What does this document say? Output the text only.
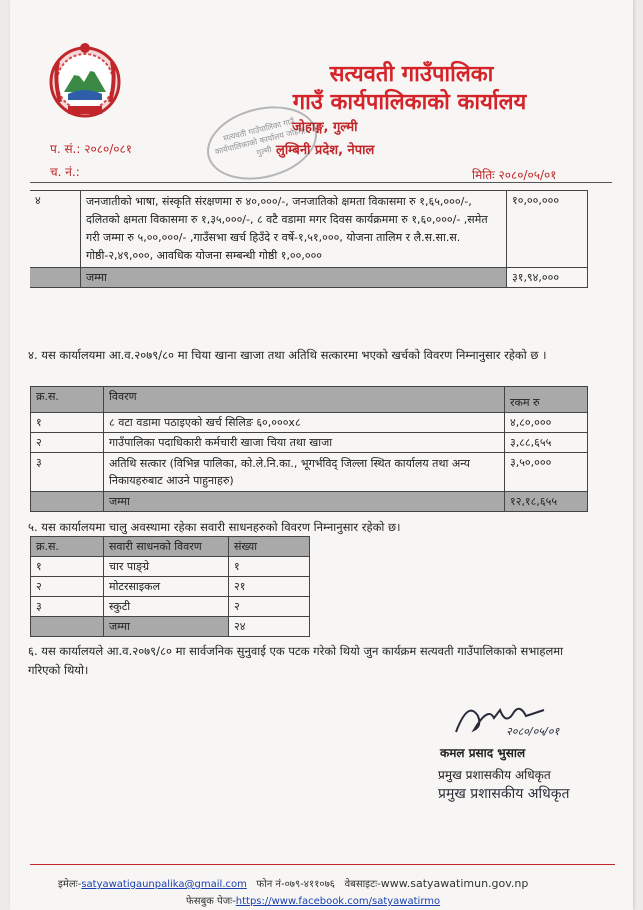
सत्यवती गाउँपालिका
गाउँ कार्यपालिकाको कार्यालय
जोहाङ्ग, गुल्मी
लुम्बिनी प्रदेश, नेपाल
सत्यवती गाउँपालिका गाउँ कार्यपालिकाको कार्यालय जोहाङ्ग, गुल्मी
प. सं.: २०८०/०८१
च. नं.:	मितिः २०८०/०५/०१
४	जनजातीको भाषा, संस्कृति संरक्षणमा रु ४०,०००/-, जनजातिको क्षमता विकासमा रु १,६५,०००/-, दलितको क्षमता विकासमा रु १,३५,०००/-, ८ वटै वडामा मगर दिवस कार्यक्रममा रु १,६०,०००/- ,समेत गरी जम्मा रु ५,००,०००/- ,गाउँसभा खर्च हिउँदे र वर्षे-१,५१,०००, योजना तालिम र लै.स.सा.स. गोष्ठी-२,४९,०००, आवधिक योजना सम्बन्धी गोष्ठी १,००,०००	१०,००,०००
	जम्मा	३१,९४,०००
४. यस कार्यालयमा आ.व.२०७९/८० मा चिया खाना खाजा तथा अतिथि सत्कारमा भएको खर्चको विवरण निम्नानुसार रहेको छ ।
क्र.स.	विवरण	रकम रु
१	८ वटा वडामा पठाइएको खर्च सिलिङ ६०,०००x८	४,८०,०००
२	गाउँपालिका पदाधिकारी कर्मचारी खाजा चिया तथा खाजा	३,८८,६५५
३	अतिथि सत्कार (विभिन्न पालिका, को.ले.नि.का., भूगर्भविद् जिल्ला स्थित कार्यालय तथा अन्य निकायहरुबाट आउने पाहुनाहरु)	३,५०,०००
	जम्मा	१२,१८,६५५
५. यस कार्यालयमा चालु अवस्थामा रहेका सवारी साधनहरुको विवरण निम्नानुसार रहेको छ।
क्र.स.	सवारी साधनको विवरण	संख्या
१	चार पाङ्ग्रे	१
२	मोटरसाइकल	२१
३	स्कुटी	२
	जम्मा	२४
६. यस कार्यालयले आ.व.२०७९/८० मा सार्वजनिक सुनुवाई एक पटक गरेको थियो जुन कार्यक्रम सत्यवती गाउँपालिकाको सभाहलमा गरिएको थियो।
२०८०/०५/०१
कमल प्रसाद भुसाल
प्रमुख प्रशासकीय अधिकृत
प्रमुख प्रशासकीय अधिकृत
इमेलः-satyawatigaunpalika@gmail.com फोन नं-०७९-४११०७६ वेबसाइटः-www.satyawatimun.gov.np
फेसबुक पेजः-https://www.facebook.com/satyawatirmo
